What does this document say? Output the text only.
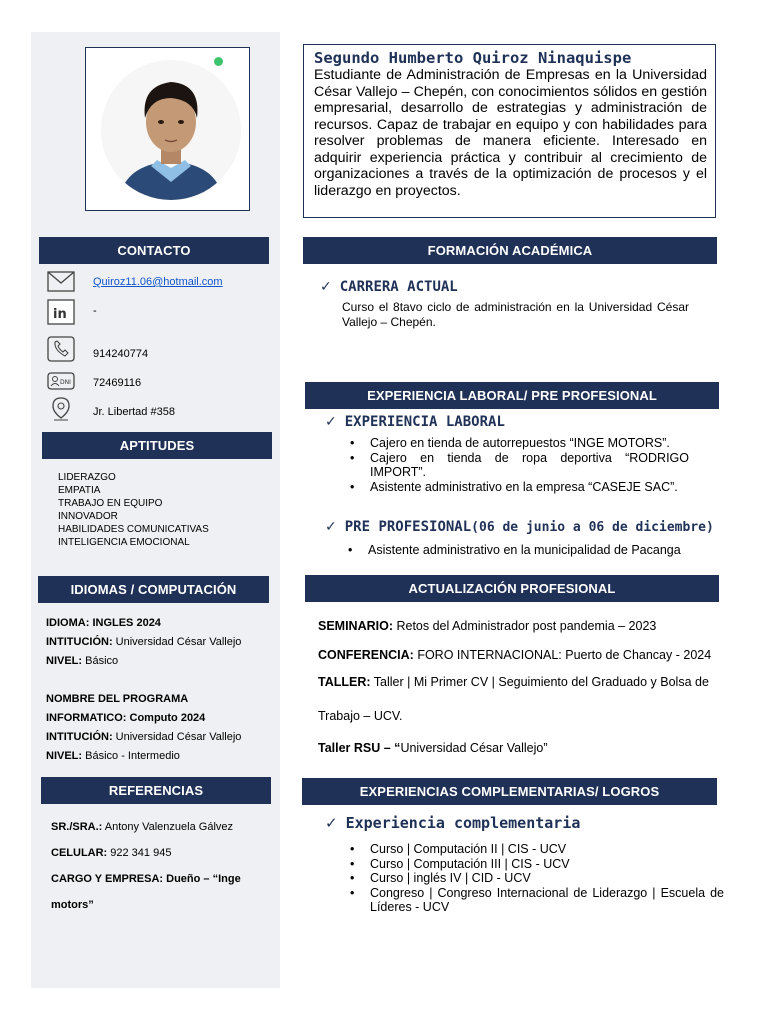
Segundo Humberto Quiroz Ninaquispe
Estudiante de Administración de Empresas en la Universidad César Vallejo – Chepén, con conocimientos sólidos en gestión empresarial, desarrollo de estrategias y administración de recursos. Capaz de trabajar en equipo y con habilidades para resolver problemas de manera eficiente. Interesado en adquirir experiencia práctica y contribuir al crecimiento de organizaciones a través de la optimización de procesos y el liderazgo en proyectos.
CONTACTO
Quiroz11.06@hotmail.com
in -
914240774
DNI 72469116
Jr. Libertad #358
APTITUDES
LIDERAZGO
EMPATIA
TRABAJO EN EQUIPO
INNOVADOR
HABILIDADES COMUNICATIVAS
INTELIGENCIA EMOCIONAL
IDIOMAS / COMPUTACIÓN
IDIOMA: INGLES 2024
INTITUCIÓN: Universidad César Vallejo
NIVEL: Básico
NOMBRE DEL PROGRAMA
INFORMATICO: Computo 2024
INTITUCIÓN: Universidad César Vallejo
NIVEL: Básico - Intermedio
REFERENCIAS
SR./SRA.: Antony Valenzuela Gálvez
CELULAR: 922 341 945
CARGO Y EMPRESA: Dueño – “Inge
motors”
FORMACIÓN ACADÉMICA
✓ CARRERA ACTUAL
Curso el 8tavo ciclo de administración en la Universidad César Vallejo – Chepén.
EXPERIENCIA LABORAL/ PRE PROFESIONAL
✓ EXPERIENCIA LABORAL
• Cajero en tienda de autorrepuestos “INGE MOTORS”.
• Cajero en tienda de ropa deportiva “RODRIGO IMPORT”.
• Asistente administrativo en la empresa “CASEJE SAC”.
✓ PRE PROFESIONAL(06 de junio a 06 de diciembre)
• Asistente administrativo en la municipalidad de Pacanga
ACTUALIZACIÓN PROFESIONAL
SEMINARIO: Retos del Administrador post pandemia – 2023
CONFERENCIA: FORO INTERNACIONAL: Puerto de Chancay - 2024
TALLER: Taller | Mi Primer CV | Seguimiento del Graduado y Bolsa de
Trabajo – UCV.
Taller RSU – “Universidad César Vallejo”
EXPERIENCIAS COMPLEMENTARIAS/ LOGROS
✓ Experiencia complementaria
• Curso | Computación II | CIS - UCV
• Curso | Computación III | CIS - UCV
• Curso | inglés IV | CID - UCV
• Congreso | Congreso Internacional de Liderazgo | Escuela de Líderes - UCV
